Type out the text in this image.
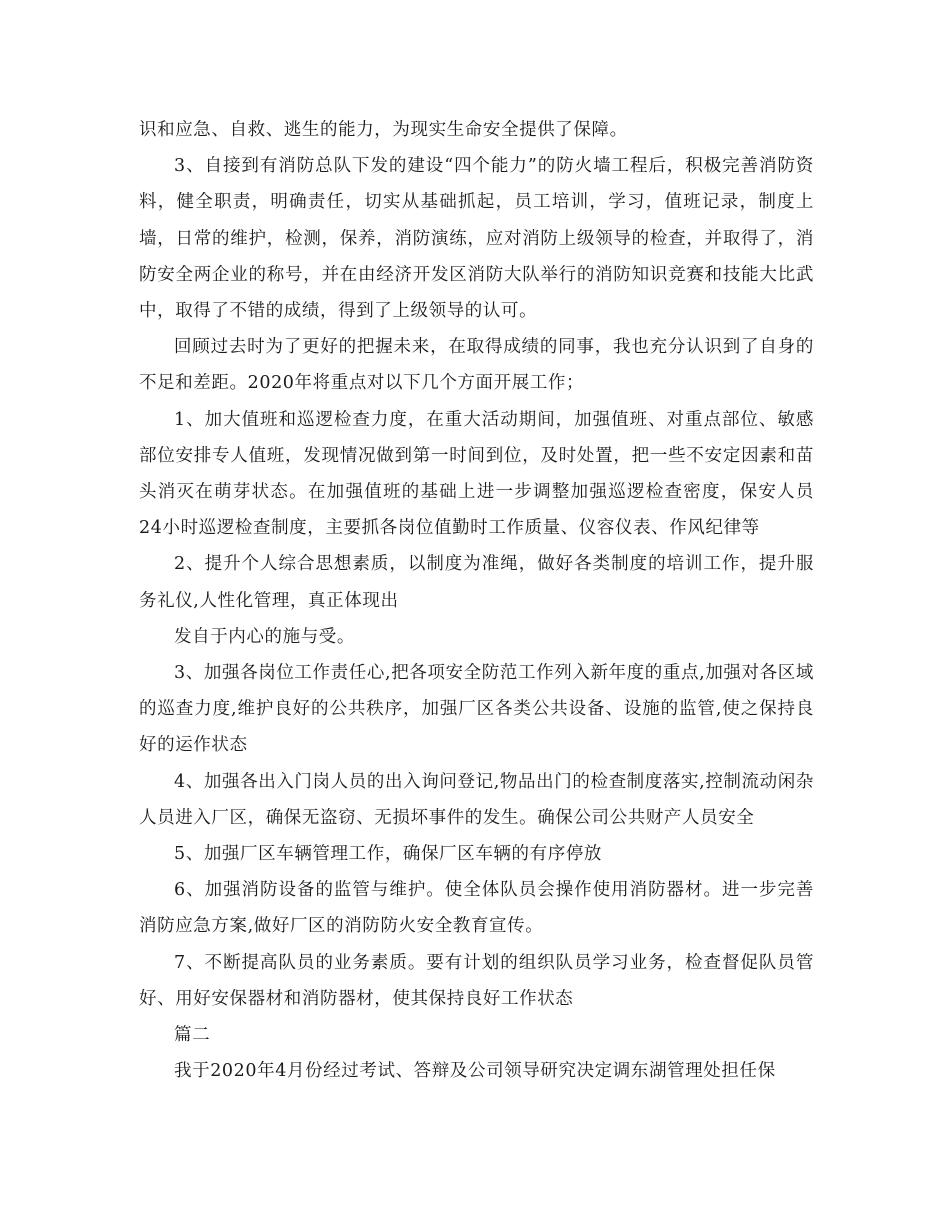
识和应急、自救、逃生的能力，为现实生命安全提供了保障。

3、自接到有消防总队下发的建设“四个能力”的防火墙工程后，积极完善消防资料，健全职责，明确责任，切实从基础抓起，员工培训，学习，值班记录，制度上墙，日常的维护，检测，保养，消防演练，应对消防上级领导的检查，并取得了，消防安全两企业的称号，并在由经济开发区消防大队举行的消防知识竞赛和技能大比武中，取得了不错的成绩，得到了上级领导的认可。

回顾过去时为了更好的把握未来，在取得成绩的同事，我也充分认识到了自身的不足和差距。2020年将重点对以下几个方面开展工作；

1、加大值班和巡逻检查力度，在重大活动期间，加强值班、对重点部位、敏感部位安排专人值班，发现情况做到第一时间到位，及时处置，把一些不安定因素和苗头消灭在萌芽状态。在加强值班的基础上进一步调整加强巡逻检查密度，保安人员24小时巡逻检查制度，主要抓各岗位值勤时工作质量、仪容仪表、作风纪律等

2、提升个人综合思想素质，以制度为准绳，做好各类制度的培训工作，提升服务礼仪,人性化管理，真正体现出

发自于内心的施与受。

3、加强各岗位工作责任心,把各项安全防范工作列入新年度的重点,加强对各区域的巡查力度,维护良好的公共秩序，加强厂区各类公共设备、设施的监管,使之保持良好的运作状态

4、加强各出入门岗人员的出入询问登记,物品出门的检查制度落实,控制流动闲杂人员进入厂区，确保无盗窃、无损坏事件的发生。确保公司公共财产人员安全

5、加强厂区车辆管理工作，确保厂区车辆的有序停放

6、加强消防设备的监管与维护。使全体队员会操作使用消防器材。进一步完善消防应急方案,做好厂区的消防防火安全教育宣传。

7、不断提高队员的业务素质。要有计划的组织队员学习业务，检查督促队员管好、用好安保器材和消防器材，使其保持良好工作状态

篇二

我于2020年4月份经过考试、答辩及公司领导研究决定调东湖管理处担任保
